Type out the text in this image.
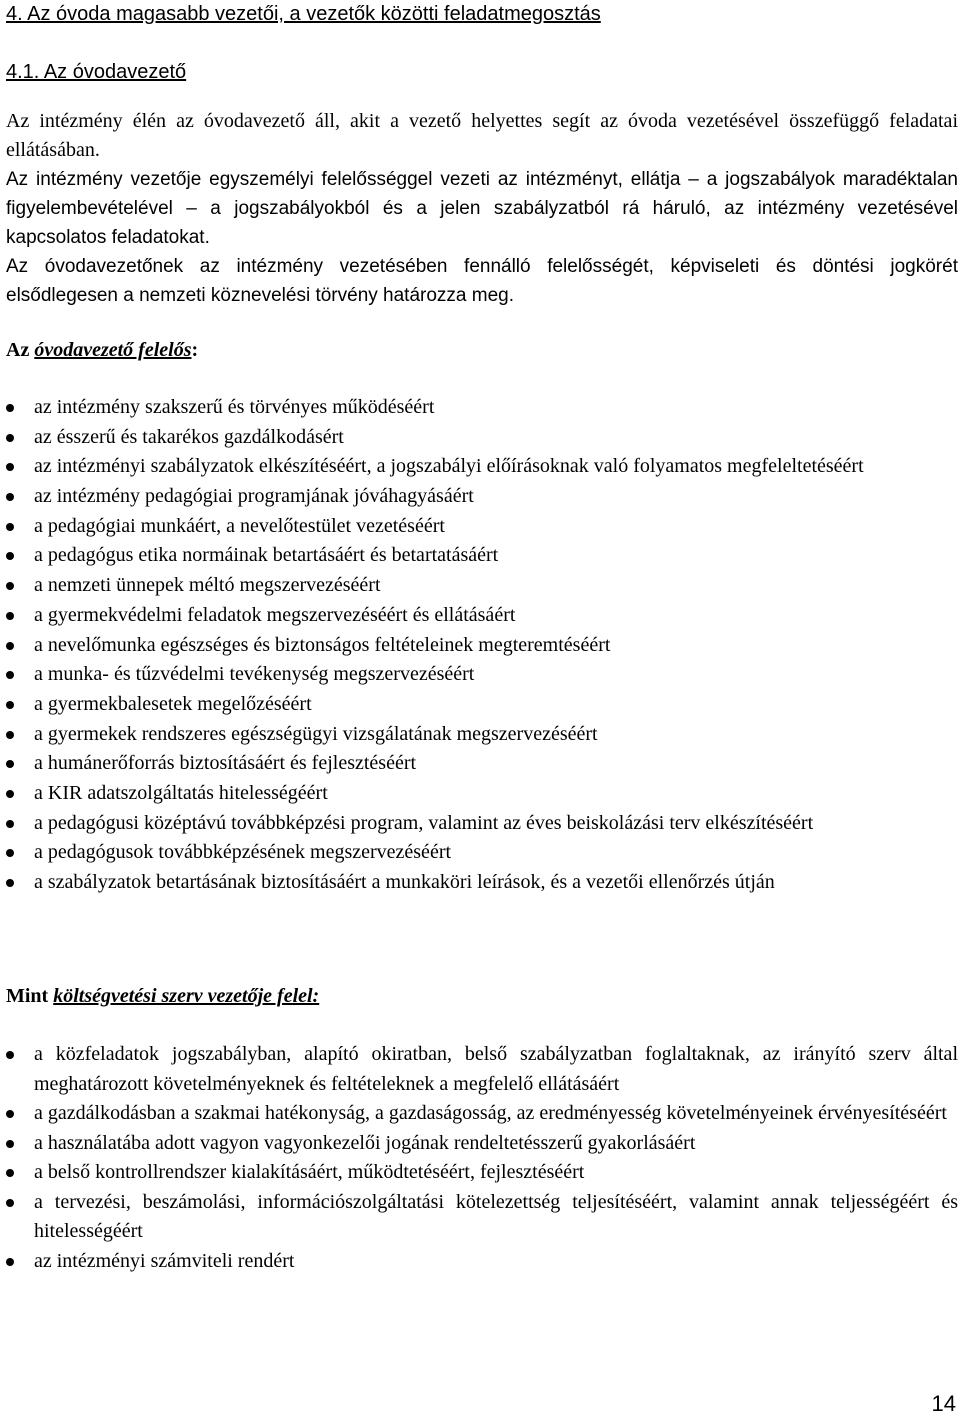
4. Az óvoda magasabb vezetői, a vezetők közötti feladatmegosztás
4.1. Az óvodavezető
Az intézmény élén az óvodavezető áll, akit a vezető helyettes segít az óvoda vezetésével összefüggő feladatai ellátásában.
Az intézmény vezetője egyszemélyi felelősséggel vezeti az intézményt, ellátja – a jogszabályok maradéktalan figyelembevételével – a jogszabályokból és a jelen szabályzatból rá háruló, az intézmény vezetésével kapcsolatos feladatokat.
Az óvodavezetőnek az intézmény vezetésében fennálló felelősségét, képviseleti és döntési jogkörét elsődlegesen a nemzeti köznevelési törvény határozza meg.
Az óvodavezető felelős:
az intézmény szakszerű és törvényes működéséért
az ésszerű és takarékos gazdálkodásért
az intézményi szabályzatok elkészítéséért, a jogszabályi előírásoknak való folyamatos megfeleltetéséért
az intézmény pedagógiai programjának jóváhagyásáért
a pedagógiai munkáért, a nevelőtestület vezetéséért
a pedagógus etika normáinak betartásáért és betartatásáért
a nemzeti ünnepek méltó megszervezéséért
a gyermekvédelmi feladatok megszervezéséért és ellátásáért
a nevelőmunka egészséges és biztonságos feltételeinek megteremtéséért
a munka- és tűzvédelmi tevékenység megszervezéséért
a gyermekbalesetek megelőzéséért
a gyermekek rendszeres egészségügyi vizsgálatának megszervezéséért
a humánerőforrás biztosításáért és fejlesztéséért
a KIR adatszolgáltatás hitelességéért
a pedagógusi középtávú továbbképzési program, valamint az éves beiskolázási terv elkészítéséért
a pedagógusok továbbképzésének megszervezéséért
a szabályzatok betartásának biztosításáért a munkaköri leírások, és a vezetői ellenőrzés útján
Mint költségvetési szerv vezetője felel:
a közfeladatok jogszabályban, alapító okiratban, belső szabályzatban foglaltaknak, az irányító szerv által meghatározott követelményeknek és feltételeknek a megfelelő ellátásáért
a gazdálkodásban a szakmai hatékonyság, a gazdaságosság, az eredményesség követelményeinek érvényesítéséért
a használatába adott vagyon vagyonkezelői jogának rendeltetésszerű gyakorlásáért
a belső kontrollrendszer kialakításáért, működtetéséért, fejlesztéséért
a tervezési, beszámolási, információszolgáltatási kötelezettség teljesítéséért, valamint annak teljességéért és hitelességéért
az intézményi számviteli rendért
14
